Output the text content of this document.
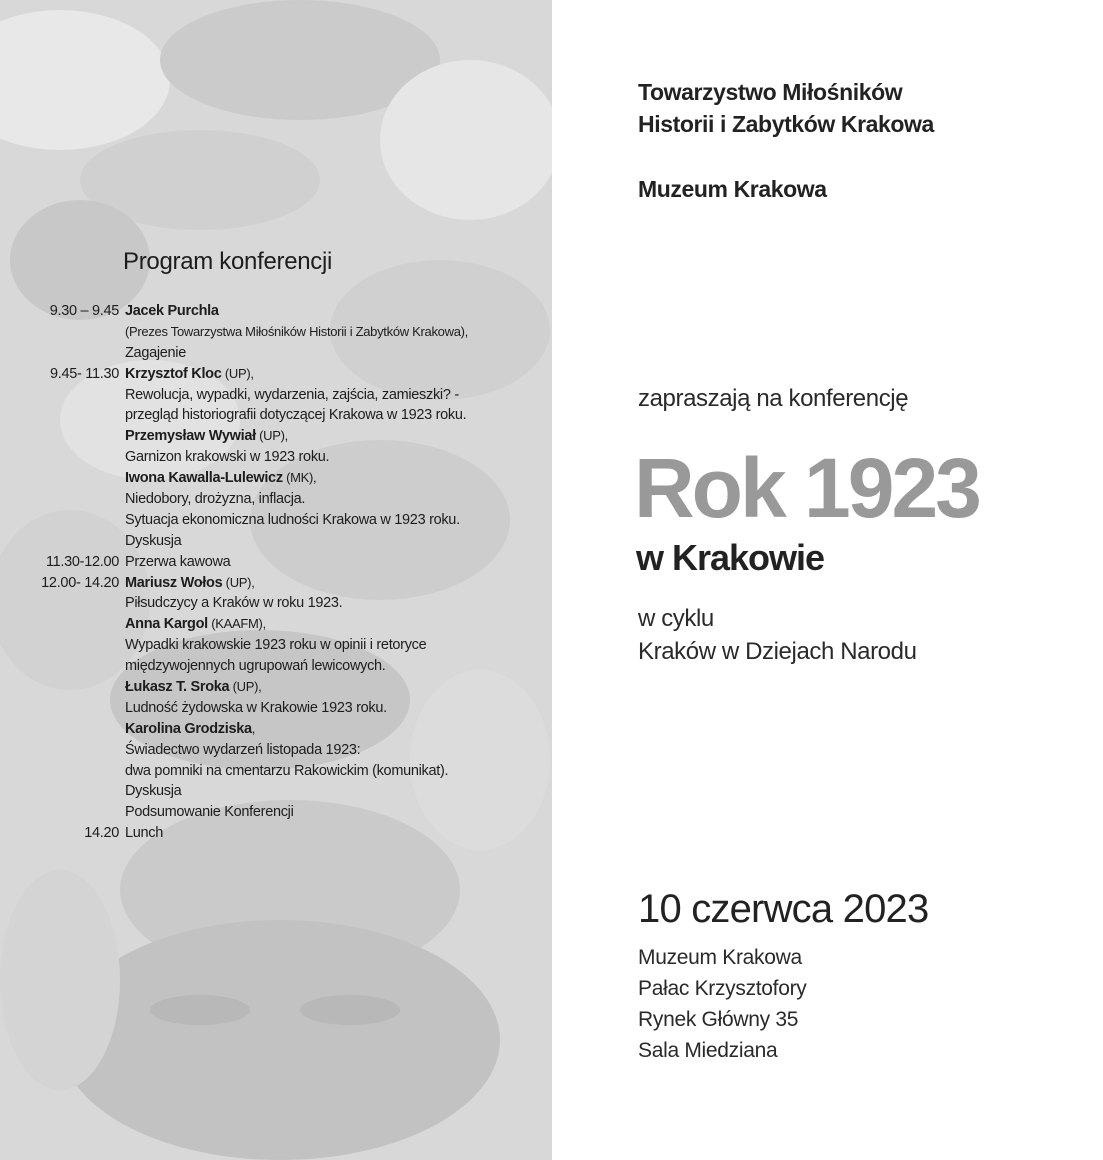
Program konferencji
9.30 – 9.45 Jacek Purchla
(Prezes Towarzystwa Miłośników Historii i Zabytków Krakowa),
Zagajenie
9.45- 11.30 Krzysztof Kloc (UP),
Rewolucja, wypadki, wydarzenia, zajścia, zamieszki? -
przegląd historiografii dotyczącej Krakowa w 1923 roku.
Przemysław Wywiał (UP),
Garnizon krakowski w 1923 roku.
Iwona Kawalla-Lulewicz (MK),
Niedobory, drożyzna, inflacja.
Sytuacja ekonomiczna ludności Krakowa w 1923 roku.
Dyskusja
11.30-12.00 Przerwa kawowa
12.00- 14.20 Mariusz Wołos (UP),
Piłsudczycy a Kraków w roku 1923.
Anna Kargol (KAAFM),
Wypadki krakowskie 1923 roku w opinii i retoryce
międzywojennych ugrupowań lewicowych.
Łukasz T. Sroka (UP),
Ludność żydowska w Krakowie 1923 roku.
Karolina Grodziska,
Świadectwo wydarzeń listopada 1923:
dwa pomniki na cmentarzu Rakowickim (komunikat).
Dyskusja
Podsumowanie Konferencji
14.20 Lunch

Towarzystwo Miłośników

Historii i Zabytków Krakowa

Muzeum Krakowa

zapraszają na konferencję

Rok 1923

w Krakowie

w cyklu

Kraków w Dziejach Narodu

10 czerwca 2023

Muzeum Krakowa

Pałac Krzysztofory

Rynek Główny 35

Sala Miedziana
